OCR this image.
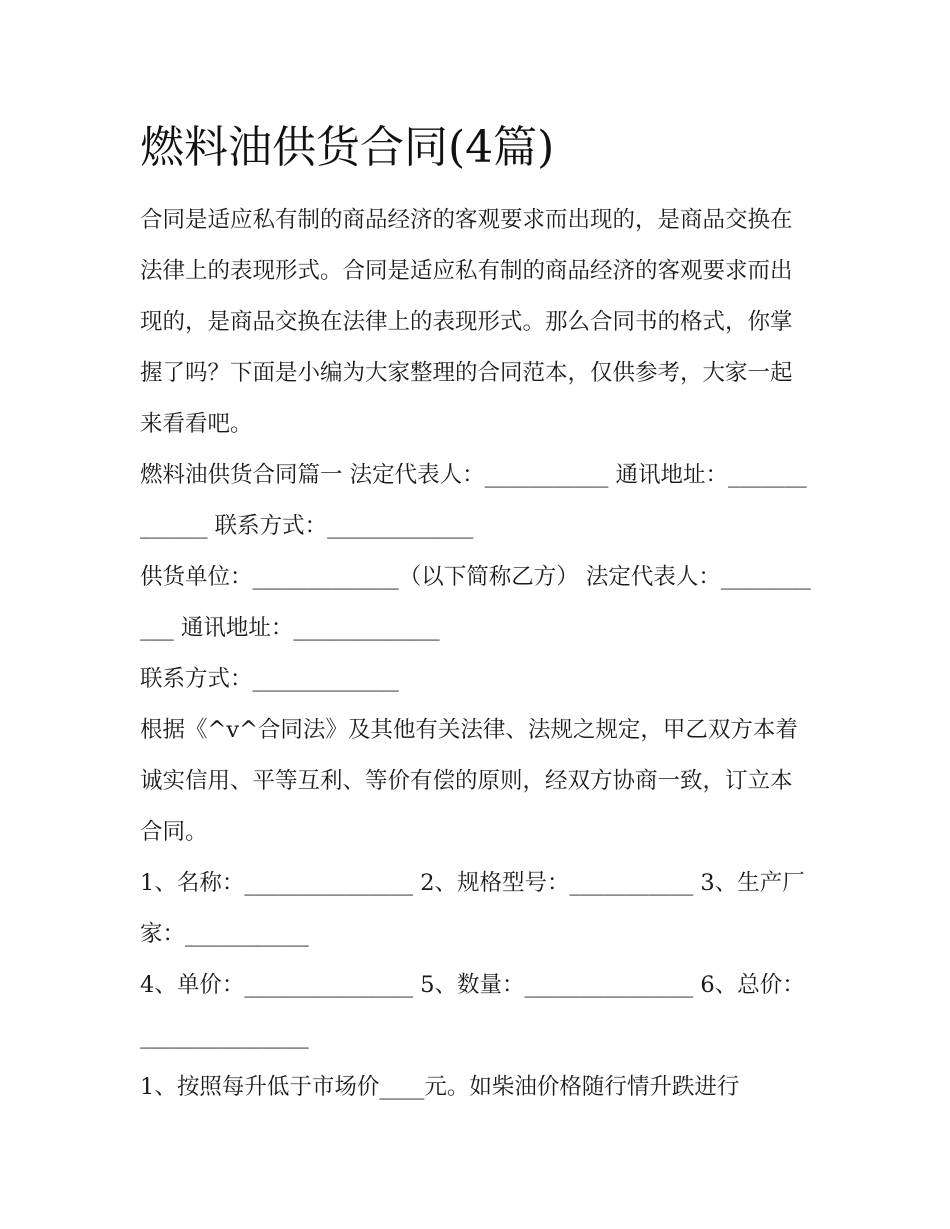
燃料油供货合同(4篇)

合同是适应私有制的商品经济的客观要求而出现的，是商品交换在法律上的表现形式。合同是适应私有制的商品经济的客观要求而出现的，是商品交换在法律上的表现形式。那么合同书的格式，你掌握了吗？下面是小编为大家整理的合同范本，仅供参考，大家一起来看看吧。

燃料油供货合同篇一 法定代表人：___________ 通讯地址：_____________ 联系方式：_____________

供货单位：_____________（以下简称乙方） 法定代表人：___________ 通讯地址：_____________

联系方式：_____________

根据《^v^合同法》及其他有关法律、法规之规定，甲乙双方本着诚实信用、平等互利、等价有偿的原则，经双方协商一致，订立本合同。

1、名称：_______________ 2、规格型号：___________ 3、生产厂家：___________

4、单价：_______________ 5、数量：_______________ 6、总价：_______________

1、按照每升低于市场价____元。如柴油价格随行情升跌进行
